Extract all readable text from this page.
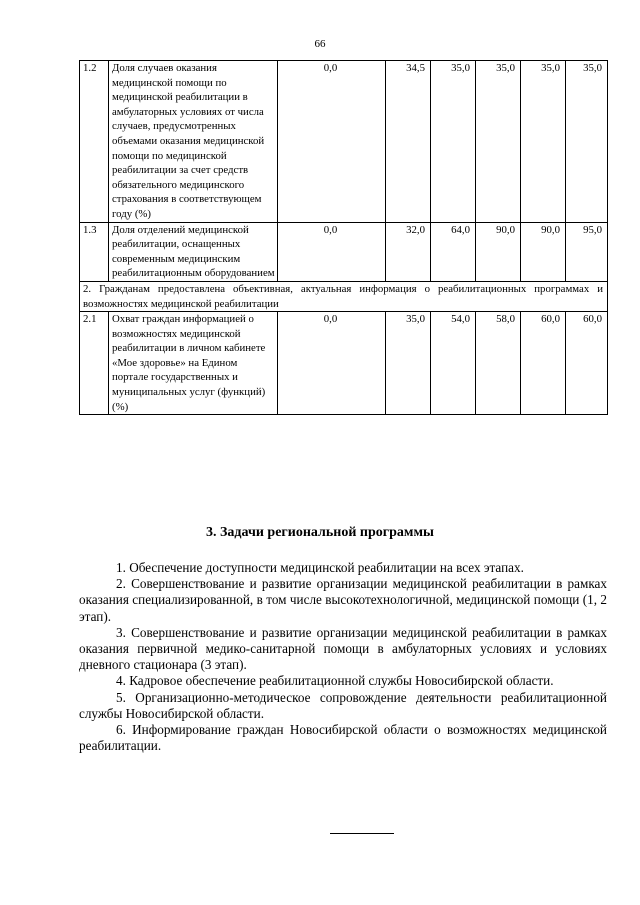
66
1.2	Доля случаев оказания медицинской помощи по медицинской реабилитации в амбулаторных условиях от числа случаев, предусмотренных объемами оказания медицинской помощи по медицинской реабилитации за счет средств обязательного медицинского страхования в соответствующем году (%)	0,0	34,5	35,0	35,0	35,0	35,0
1.3	Доля отделений медицинской реабилитации, оснащенных современным медицинским реабилитационным оборудованием	0,0	32,0	64,0	90,0	90,0	95,0
2. Гражданам предоставлена объективная, актуальная информация о реабилитационных программах и возможностях медицинской реабилитации							
2.1	Охват граждан информацией о возможностях медицинской реабилитации в личном кабинете «Мое здоровье» на Едином портале государственных и муниципальных услуг (функций) (%)	0,0	35,0	54,0	58,0	60,0	60,0
3. Задачи региональной программы

1. Обеспечение доступности медицинской реабилитации на всех этапах.

2. Совершенствование и развитие организации медицинской реабилитации в рамках оказания специализированной, в том числе высокотехнологичной, медицинской помощи (1, 2 этап).

3. Совершенствование и развитие организации медицинской реабилитации в рамках оказания первичной медико-санитарной помощи в амбулаторных условиях и условиях дневного стационара (3 этап).

4. Кадровое обеспечение реабилитационной службы Новосибирской области.

5. Организационно-методическое сопровождение деятельности реабилитационной службы Новосибирской области.

6. Информирование граждан Новосибирской области о возможностях медицинской реабилитации.
